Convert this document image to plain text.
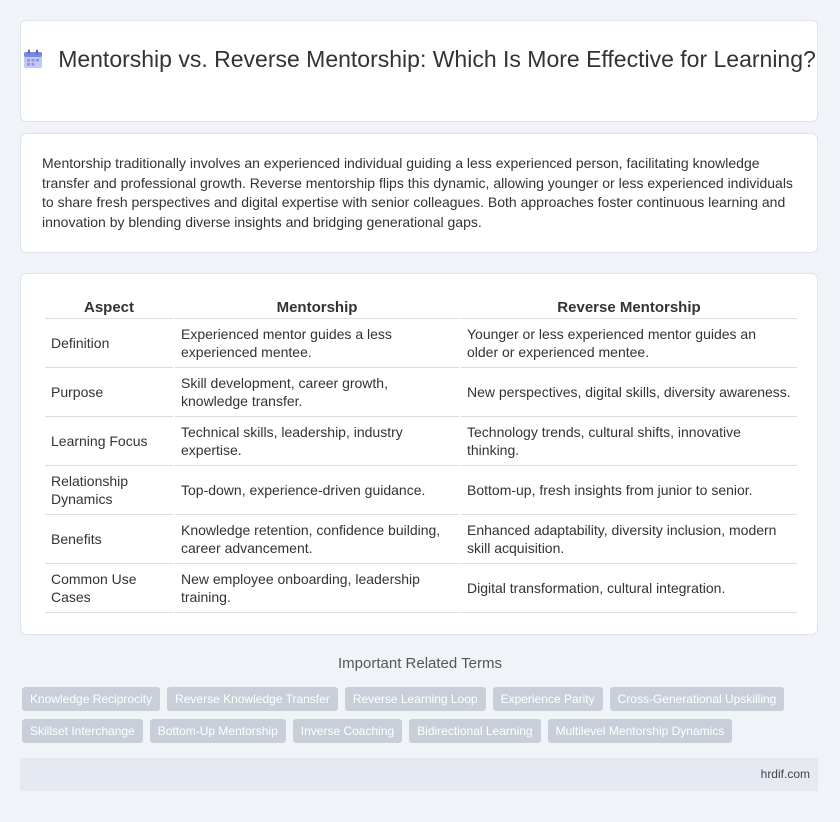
Mentorship vs. Reverse Mentorship: Which Is More Effective for Learning?

Mentorship traditionally involves an experienced individual guiding a less experienced person, facilitating knowledge transfer and professional growth. Reverse mentorship flips this dynamic, allowing younger or less experienced individuals to share fresh perspectives and digital expertise with senior colleagues. Both approaches foster continuous learning and innovation by blending diverse insights and bridging generational gaps.

Aspect	Mentorship	Reverse Mentorship
Definition	Experienced mentor guides a less experienced mentee.	Younger or less experienced mentor guides an older or experienced mentee.
Purpose	Skill development, career growth, knowledge transfer.	New perspectives, digital skills, diversity awareness.
Learning Focus	Technical skills, leadership, industry expertise.	Technology trends, cultural shifts, innovative thinking.
Relationship Dynamics	Top-down, experience-driven guidance.	Bottom-up, fresh insights from junior to senior.
Benefits	Knowledge retention, confidence building, career advancement.	Enhanced adaptability, diversity inclusion, modern skill acquisition.
Common Use Cases	New employee onboarding, leadership training.	Digital transformation, cultural integration.
Important Related Terms
Knowledge Reciprocity	Reverse Knowledge Transfer	Reverse Learning Loop	Experience Parity	Cross-Generational Upskilling
Skillset Interchange	Bottom-Up Mentorship	Inverse Coaching	Bidirectional Learning	Multilevel Mentorship Dynamics
hrdif.com
